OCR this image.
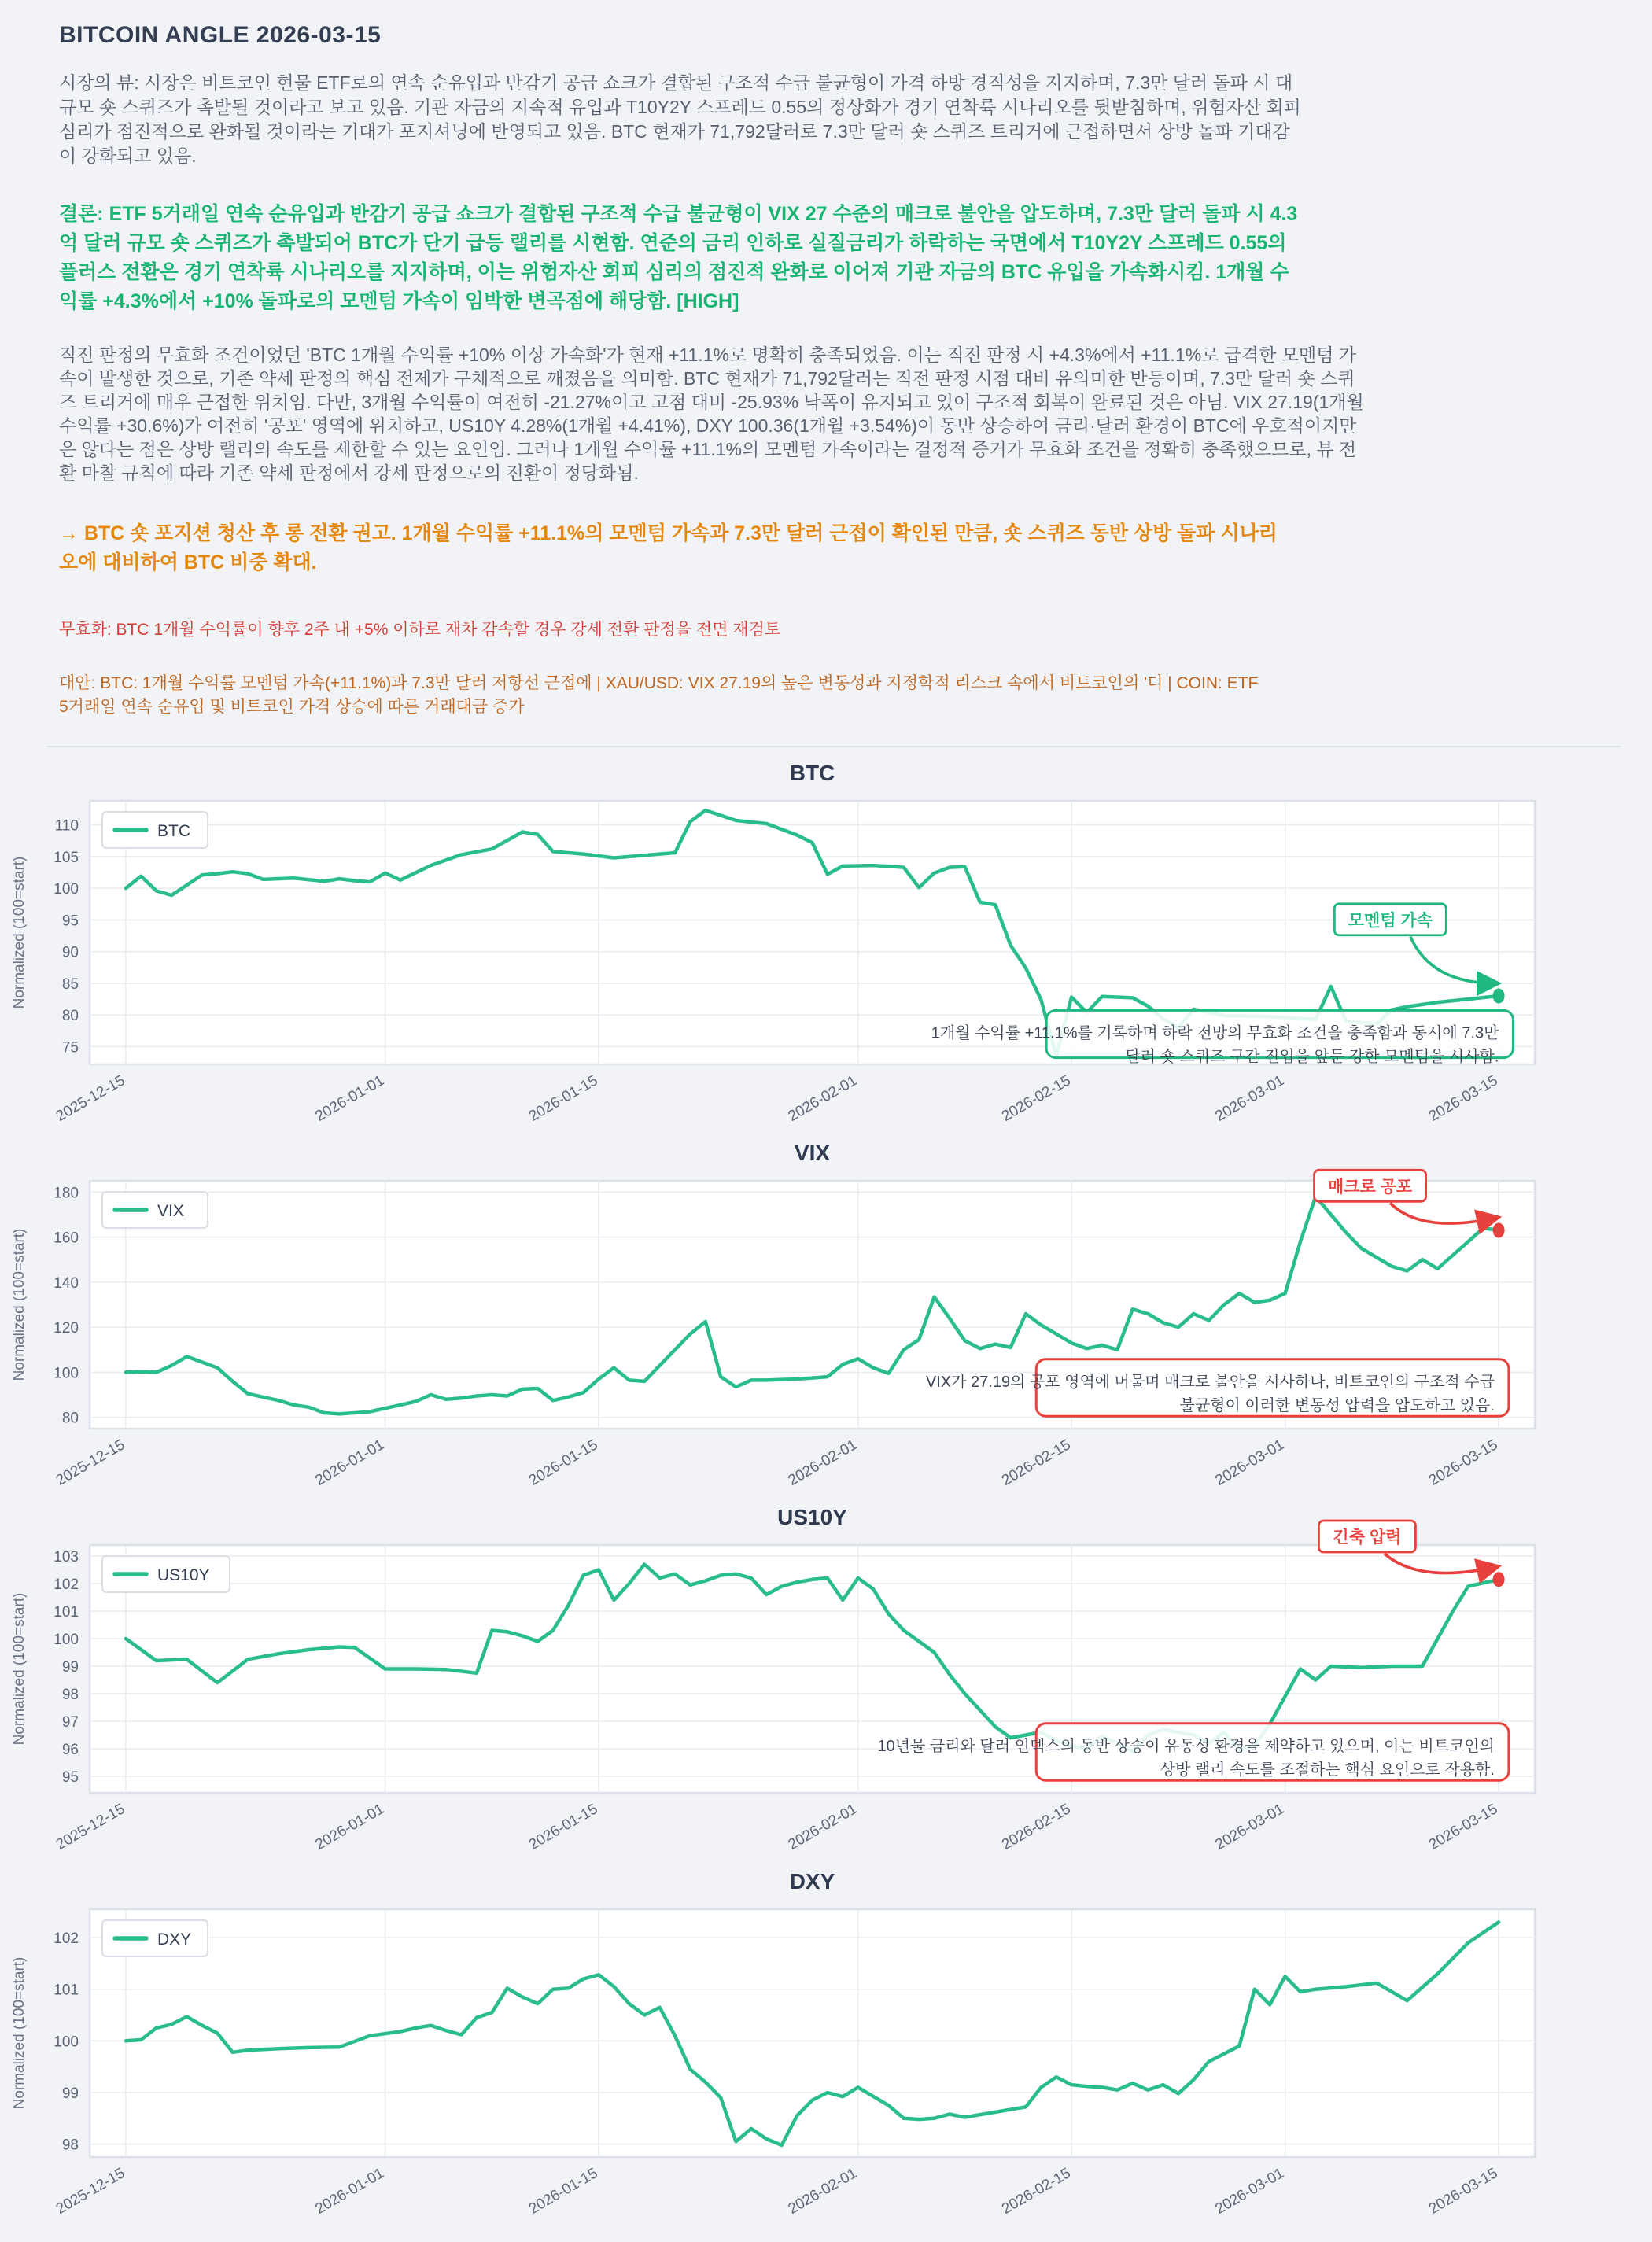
BITCOIN ANGLE 2026-03-15

시장의 뷰: 시장은 비트코인 현물 ETF로의 연속 순유입과 반감기 공급 쇼크가 결합된 구조적 수급 불균형이 가격 하방 경직성을 지지하며, 7.3만 달러 돌파 시 대규모 숏 스퀴즈가 촉발될 것이라고 보고 있음. 기관 자금의 지속적 유입과 T10Y2Y 스프레드 0.55의 정상화가 경기 연착륙 시나리오를 뒷받침하며, 위험자산 회피 심리가 점진적으로 완화될 것이라는 기대가 포지셔닝에 반영되고 있음. BTC 현재가 71,792달러로 7.3만 달러 숏 스퀴즈 트리거에 근접하면서 상방 돌파 기대감이 강화되고 있음.

결론: ETF 5거래일 연속 순유입과 반감기 공급 쇼크가 결합된 구조적 수급 불균형이 VIX 27 수준의 매크로 불안을 압도하며, 7.3만 달러 돌파 시 4.3억 달러 규모 숏 스퀴즈가 촉발되어 BTC가 단기 급등 랠리를 시현함. 연준의 금리 인하로 실질금리가 하락하는 국면에서 T10Y2Y 스프레드 0.55의 플러스 전환은 경기 연착륙 시나리오를 지지하며, 이는 위험자산 회피 심리의 점진적 완화로 이어져 기관 자금의 BTC 유입을 가속화시킴. 1개월 수익률 +4.3%에서 +10% 돌파로의 모멘텀 가속이 임박한 변곡점에 해당함. [HIGH]

직전 판정의 무효화 조건이었던 'BTC 1개월 수익률 +10% 이상 가속화'가 현재 +11.1%로 명확히 충족되었음. 이는 직전 판정 시 +4.3%에서 +11.1%로 급격한 모멘텀 가속이 발생한 것으로, 기존 약세 판정의 핵심 전제가 구체적으로 깨졌음을 의미함. BTC 현재가 71,792달러는 직전 판정 시점 대비 유의미한 반등이며, 7.3만 달러 숏 스퀴즈 트리거에 매우 근접한 위치임. 다만, 3개월 수익률이 여전히 -21.27%이고 고점 대비 -25.93% 낙폭이 유지되고 있어 구조적 회복이 완료된 것은 아님. VIX 27.19(1개월 수익률 +30.6%)가 여전히 '공포' 영역에 위치하고, US10Y 4.28%(1개월 +4.41%), DXY 100.36(1개월 +3.54%)이 동반 상승하여 금리·달러 환경이 BTC에 우호적이지만은 않다는 점은 상방 랠리의 속도를 제한할 수 있는 요인임. 그러나 1개월 수익률 +11.1%의 모멘텀 가속이라는 결정적 증거가 무효화 조건을 정확히 충족했으므로, 뷰 전환 마찰 규칙에 따라 기존 약세 판정에서 강세 판정으로의 전환이 정당화됨.

→ BTC 숏 포지션 청산 후 롱 전환 권고. 1개월 수익률 +11.1%의 모멘텀 가속과 7.3만 달러 근접이 확인된 만큼, 숏 스퀴즈 동반 상방 돌파 시나리오에 대비하여 BTC 비중 확대.

무효화: BTC 1개월 수익률이 향후 2주 내 +5% 이하로 재차 감속할 경우 강세 전환 판정을 전면 재검토

대안: BTC: 1개월 수익률 모멘텀 가속(+11.1%)과 7.3만 달러 저항선 근접에 | XAU/USD: VIX 27.19의 높은 변동성과 지정학적 리스크 속에서 비트코인의 '디 | COIN: ETF 5거래일 연속 순유입 및 비트코인 가격 상승에 따른 거래대금 증가

BTC
75
80
85
90
95
100
105
110
2025-12-15	2026-01-01	2026-01-15	2026-02-01	2026-02-15	2026-03-01	2026-03-15
Normalized (100=start)
BTC
1개월 수익률 +11.1%를 기록하며 하락 전망의 무효화 조건을 충족함과 동시에 7.3만
달러 숏 스퀴즈 구간 진입을 앞둔 강한 모멘텀을 시사함.
모멘텀 가속
VIX
80
100
120
140
160
180
2025-12-15	2026-01-01	2026-01-15	2026-02-01	2026-02-15	2026-03-01	2026-03-15
Normalized (100=start)
VIX
VIX가 27.19의 공포 영역에 머물며 매크로 불안을 시사하나, 비트코인의 구조적 수급
불균형이 이러한 변동성 압력을 압도하고 있음.
매크로 공포
US10Y
95
96
97
98
99
100
101
102
103
2025-12-15	2026-01-01	2026-01-15	2026-02-01	2026-02-15	2026-03-01	2026-03-15
Normalized (100=start)
US10Y
10년물 금리와 달러 인덱스의 동반 상승이 유동성 환경을 제약하고 있으며, 이는 비트코인의
상방 랠리 속도를 조절하는 핵심 요인으로 작용함.
긴축 압력
DXY
98
99
100
101
102
2025-12-15	2026-01-01	2026-01-15	2026-02-01	2026-02-15	2026-03-01	2026-03-15
Normalized (100=start)
DXY
